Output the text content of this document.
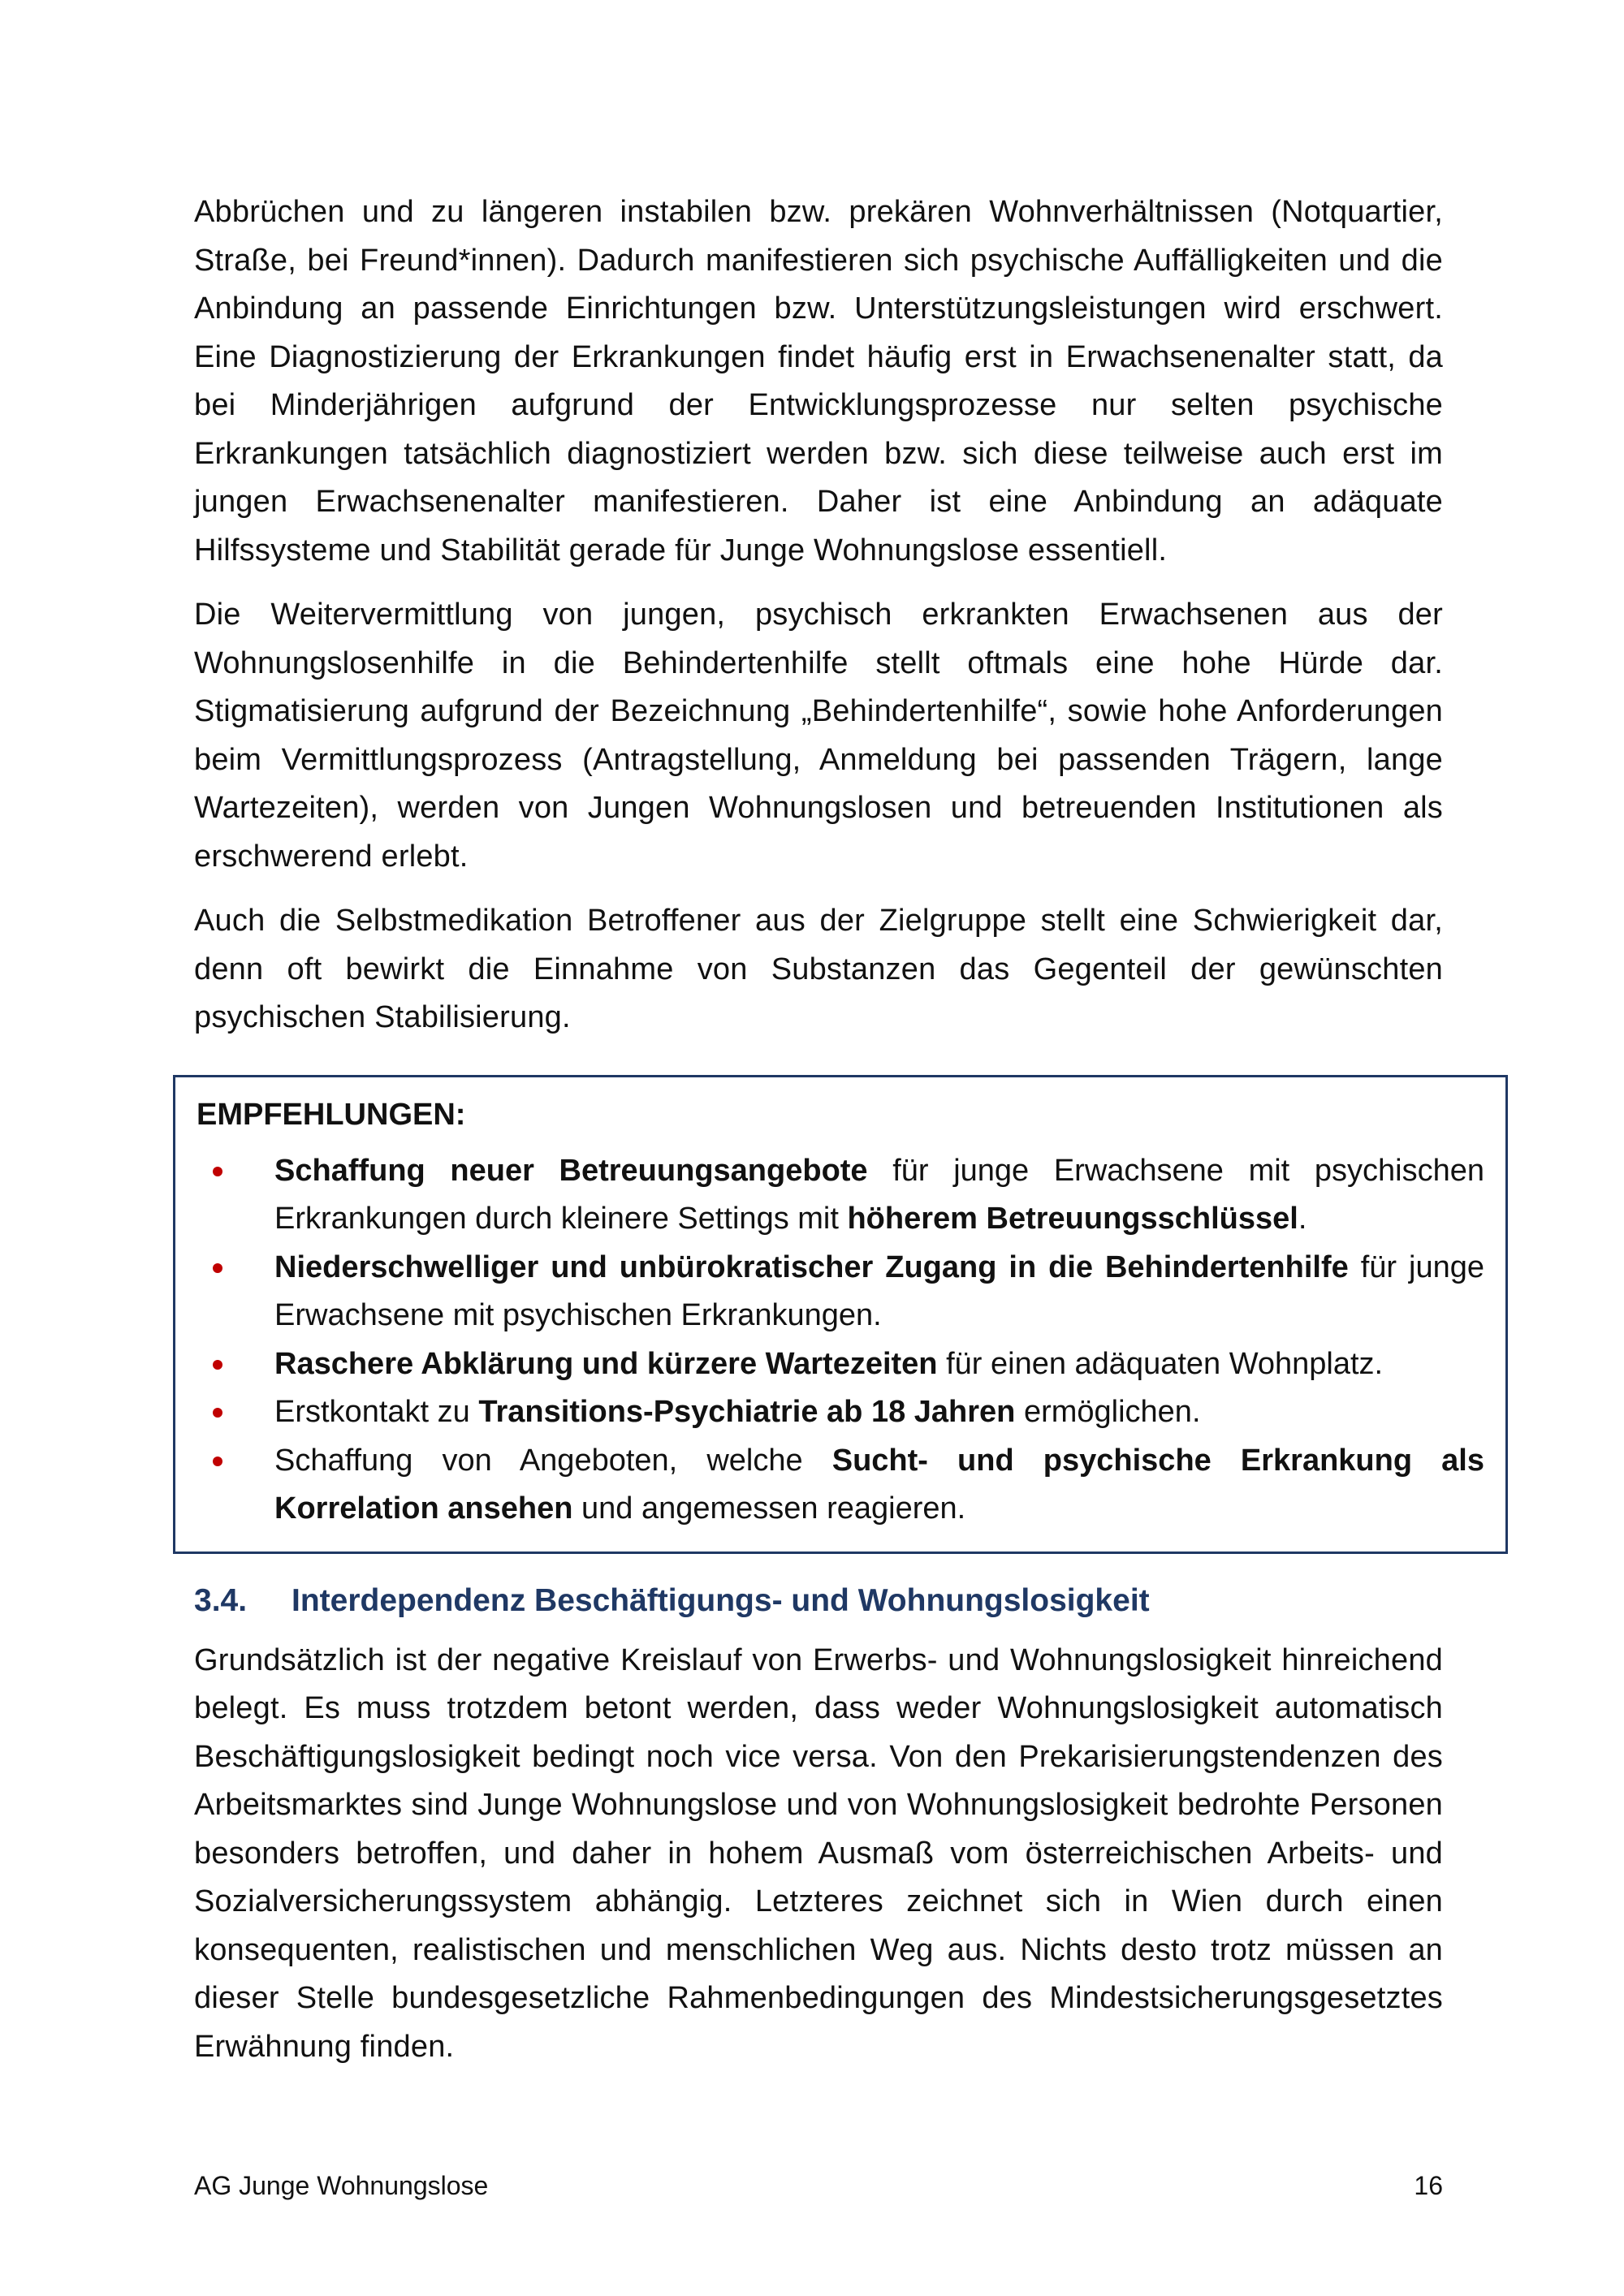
Abbrüchen und zu längeren instabilen bzw. prekären Wohnverhältnissen (Notquartier, Straße, bei Freund*innen). Dadurch manifestieren sich psychische Auffälligkeiten und die Anbindung an passende Einrichtungen bzw. Unterstützungsleistungen wird erschwert. Eine Diagnostizierung der Erkrankungen findet häufig erst in Erwachsenenalter statt, da bei Minderjährigen aufgrund der Entwicklungsprozesse nur selten psychische Erkrankungen tatsächlich diagnostiziert werden bzw. sich diese teilweise auch erst im jungen Erwachsenenalter manifestieren. Daher ist eine Anbindung an adäquate Hilfssysteme und Stabilität gerade für Junge Wohnungslose essentiell.

Die Weitervermittlung von jungen, psychisch erkrankten Erwachsenen aus der Wohnungslosenhilfe in die Behindertenhilfe stellt oftmals eine hohe Hürde dar. Stigmatisierung aufgrund der Bezeichnung „Behindertenhilfe“, sowie hohe Anforderungen beim Vermittlungsprozess (Antragstellung, Anmeldung bei passenden Trägern, lange Wartezeiten), werden von Jungen Wohnungslosen und betreuenden Institutionen als erschwerend erlebt.

Auch die Selbstmedikation Betroffener aus der Zielgruppe stellt eine Schwierigkeit dar, denn oft bewirkt die Einnahme von Substanzen das Gegenteil der gewünschten psychischen Stabilisierung.

EMPFEHLUNGEN:
Schaffung neuer Betreuungsangebote für junge Erwachsene mit psychischen Erkrankungen durch kleinere Settings mit höherem Betreuungsschlüssel.
Niederschwelliger und unbürokratischer Zugang in die Behindertenhilfe für junge Erwachsene mit psychischen Erkrankungen.
Raschere Abklärung und kürzere Wartezeiten für einen adäquaten Wohnplatz.
Erstkontakt zu Transitions-Psychiatrie ab 18 Jahren ermöglichen.
Schaffung von Angeboten, welche Sucht- und psychische Erkrankung als Korrelation ansehen und angemessen reagieren.
3.4. Interdependenz Beschäftigungs- und Wohnungslosigkeit

Grundsätzlich ist der negative Kreislauf von Erwerbs- und Wohnungslosigkeit hinreichend belegt. Es muss trotzdem betont werden, dass weder Wohnungslosigkeit automatisch Beschäftigungslosigkeit bedingt noch vice versa. Von den Prekarisierungstendenzen des Arbeitsmarktes sind Junge Wohnungslose und von Wohnungslosigkeit bedrohte Personen besonders betroffen, und daher in hohem Ausmaß vom österreichischen Arbeits- und Sozialversicherungssystem abhängig. Letzteres zeichnet sich in Wien durch einen konsequenten, realistischen und menschlichen Weg aus. Nichts desto trotz müssen an dieser Stelle bundesgesetzliche Rahmenbedingungen des Mindestsicherungsgesetztes Erwähnung finden.

AG Junge Wohnungslose	16
